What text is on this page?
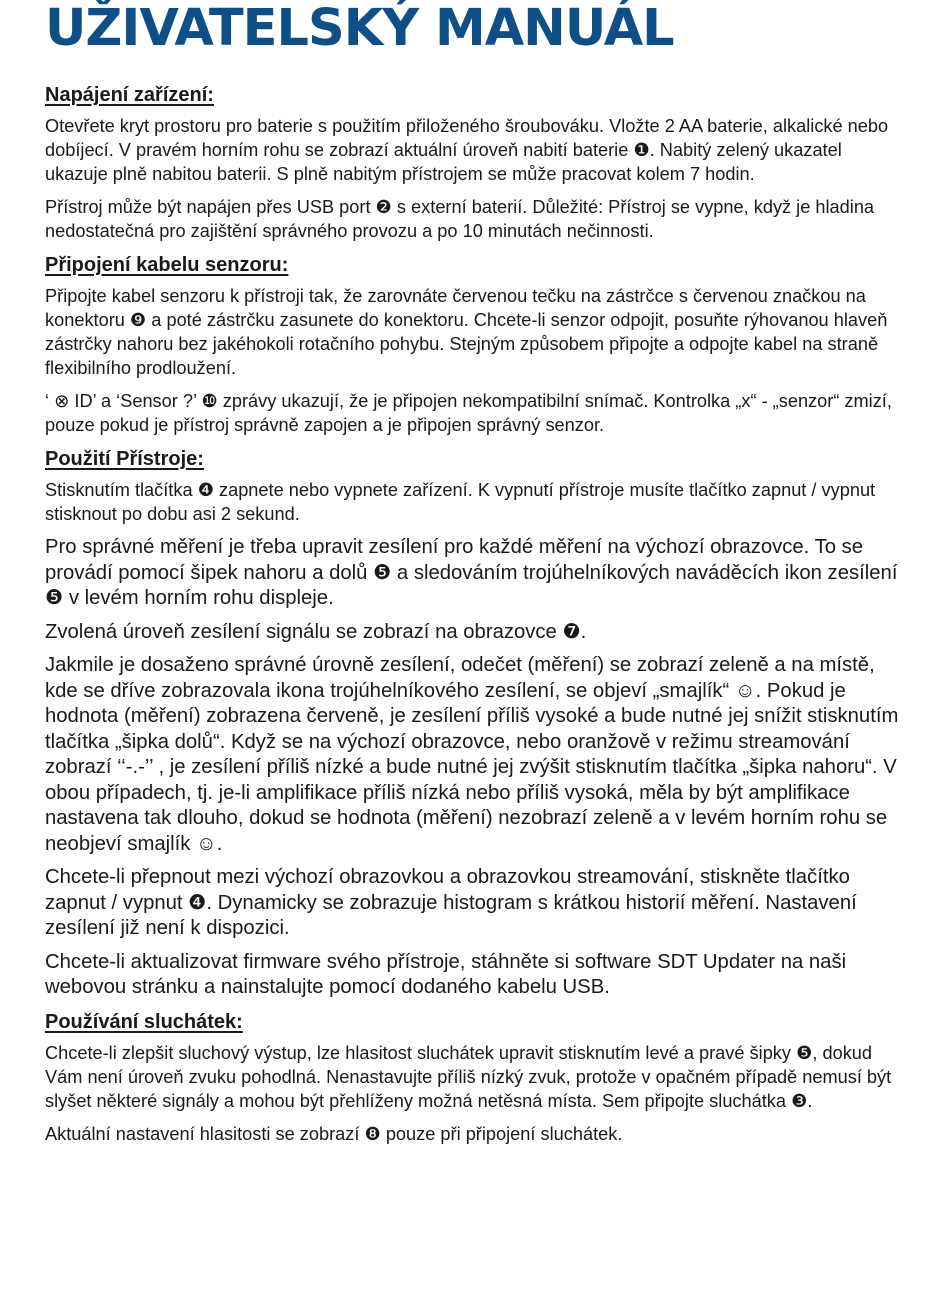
UŽIVATELSKÝ MANUÁL
Napájení zařízení:

Otevřete kryt prostoru pro baterie s použitím přiloženého šroubováku. Vložte 2 AA baterie, alkalické nebo dobíjecí. V pravém horním rohu se zobrazí aktuální úroveň nabití baterie ❶. Nabitý zelený ukazatel ukazuje plně nabitou baterii. S plně nabitým přístrojem se může pracovat kolem 7 hodin.

Přístroj může být napájen přes USB port ❷ s externí baterií. Důležité: Přístroj se vypne, když je hladina nedostatečná pro zajištění správného provozu a po 10 minutách nečinnosti.

Připojení kabelu senzoru:

Připojte kabel senzoru k přístroji tak, že zarovnáte červenou tečku na zástrčce s červenou značkou na konektoru ❾ a poté zástrčku zasunete do konektoru. Chcete-li senzor odpojit, posuňte rýhovanou hlaveň zástrčky nahoru bez jakéhokoli rotačního pohybu. Stejným způsobem připojte a odpojte kabel na straně flexibilního prodloužení.

‘ ⊗ ID’ a ‘Sensor ?’ ❿ zprávy ukazují, že je připojen nekompatibilní snímač. Kontrolka „x“ - „senzor“ zmizí, pouze pokud je přístroj správně zapojen a je připojen správný senzor.

Použití Přístroje:

Stisknutím tlačítka ❹ zapnete nebo vypnete zařízení. K vypnutí přístroje musíte tlačítko zapnut / vypnut stisknout po dobu asi 2 sekund.

Pro správné měření je třeba upravit zesílení pro každé měření na výchozí obrazovce. To se provádí pomocí šipek nahoru a dolů ❺ a sledováním trojúhelníkových naváděcích ikon zesílení ❺ v levém horním rohu displeje.

Zvolená úroveň zesílení signálu se zobrazí na obrazovce ❼.

Jakmile je dosaženo správné úrovně zesílení, odečet (měření) se zobrazí zeleně a na místě, kde se dříve zobrazovala ikona trojúhelníkového zesílení, se objeví „smajlík“ ☺. Pokud je hodnota (měření) zobrazena červeně, je zesílení příliš vysoké a bude nutné jej snížit stisknutím tlačítka „šipka dolů“. Když se na výchozí obrazovce, nebo oranžově v režimu streamování zobrazí ‘‘-.-’’ , je zesílení příliš nízké a bude nutné jej zvýšit stisknutím tlačítka „šipka nahoru“. V obou případech, tj. je-li amplifikace příliš nízká nebo příliš vysoká, měla by být amplifikace nastavena tak dlouho, dokud se hodnota (měření) nezobrazí zeleně a v levém horním rohu se neobjeví smajlík ☺.

Chcete-li přepnout mezi výchozí obrazovkou a obrazovkou streamování, stiskněte tlačítko zapnut / vypnut ❹. Dynamicky se zobrazuje histogram s krátkou historií měření. Nastavení zesílení již není k dispozici.

Chcete-li aktualizovat firmware svého přístroje, stáhněte si software SDT Updater na naši webovou stránku a nainstalujte pomocí dodaného kabelu USB.

Používání sluchátek:

Chcete-li zlepšit sluchový výstup, lze hlasitost sluchátek upravit stisknutím levé a pravé šipky ❺, dokud Vám není úroveň zvuku pohodlná. Nenastavujte příliš nízký zvuk, protože v opačném případě nemusí být slyšet některé signály a mohou být přehlíženy možná netěsná místa. Sem připojte sluchátka ❸.

Aktuální nastavení hlasitosti se zobrazí ❽ pouze při připojení sluchátek.
